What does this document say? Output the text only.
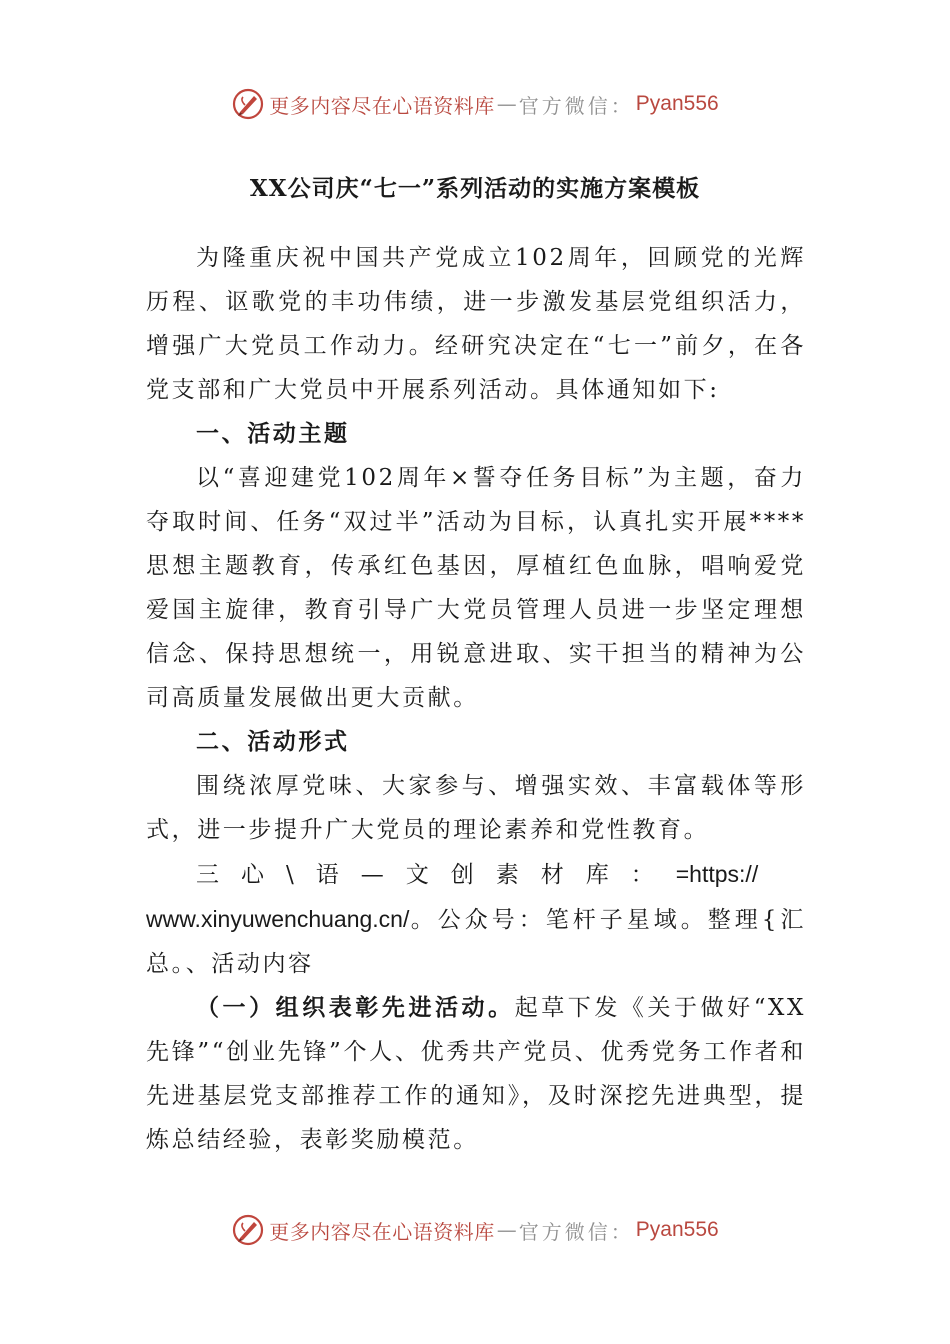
更多内容尽在心语资料库 — 官方微信： Pyan556
XX公司庆“七一”系列活动的实施方案模板

为隆重庆祝中国共产党成立102周年，回顾党的光辉历程、讴歌党的丰功伟绩，进一步激发基层党组织活力，增强广大党员工作动力。经研究决定在“七一”前夕，在各党支部和广大党员中开展系列活动。具体通知如下:

一、活动主题

以“喜迎建党102周年×誓夺任务目标”为主题，奋力夺取时间、任务“双过半”活动为目标，认真扎实开展****思想主题教育，传承红色基因，厚植红色血脉，唱响爱党爱国主旋律，教育引导广大党员管理人员进一步坚定理想信念、保持思想统一，用锐意进取、实干担当的精神为公司高质量发展做出更大贡献。

二、活动形式

围绕浓厚党味、大家参与、增强实效、丰富载体等形式，进一步提升广大党员的理论素养和党性教育。

三心\语—文创素材库：=https://
www.xinyuwenchuang.cn/。公众号：笔杆子星域。整理{汇总。、活动内容

（一）组织表彰先进活动。起草下发《关于做好“XX先锋”“创业先锋”个人、优秀共产党员、优秀党务工作者和先进基层党支部推荐工作的通知》，及时深挖先进典型，提炼总结经验，表彰奖励模范。

更多内容尽在心语资料库 — 官方微信： Pyan556
